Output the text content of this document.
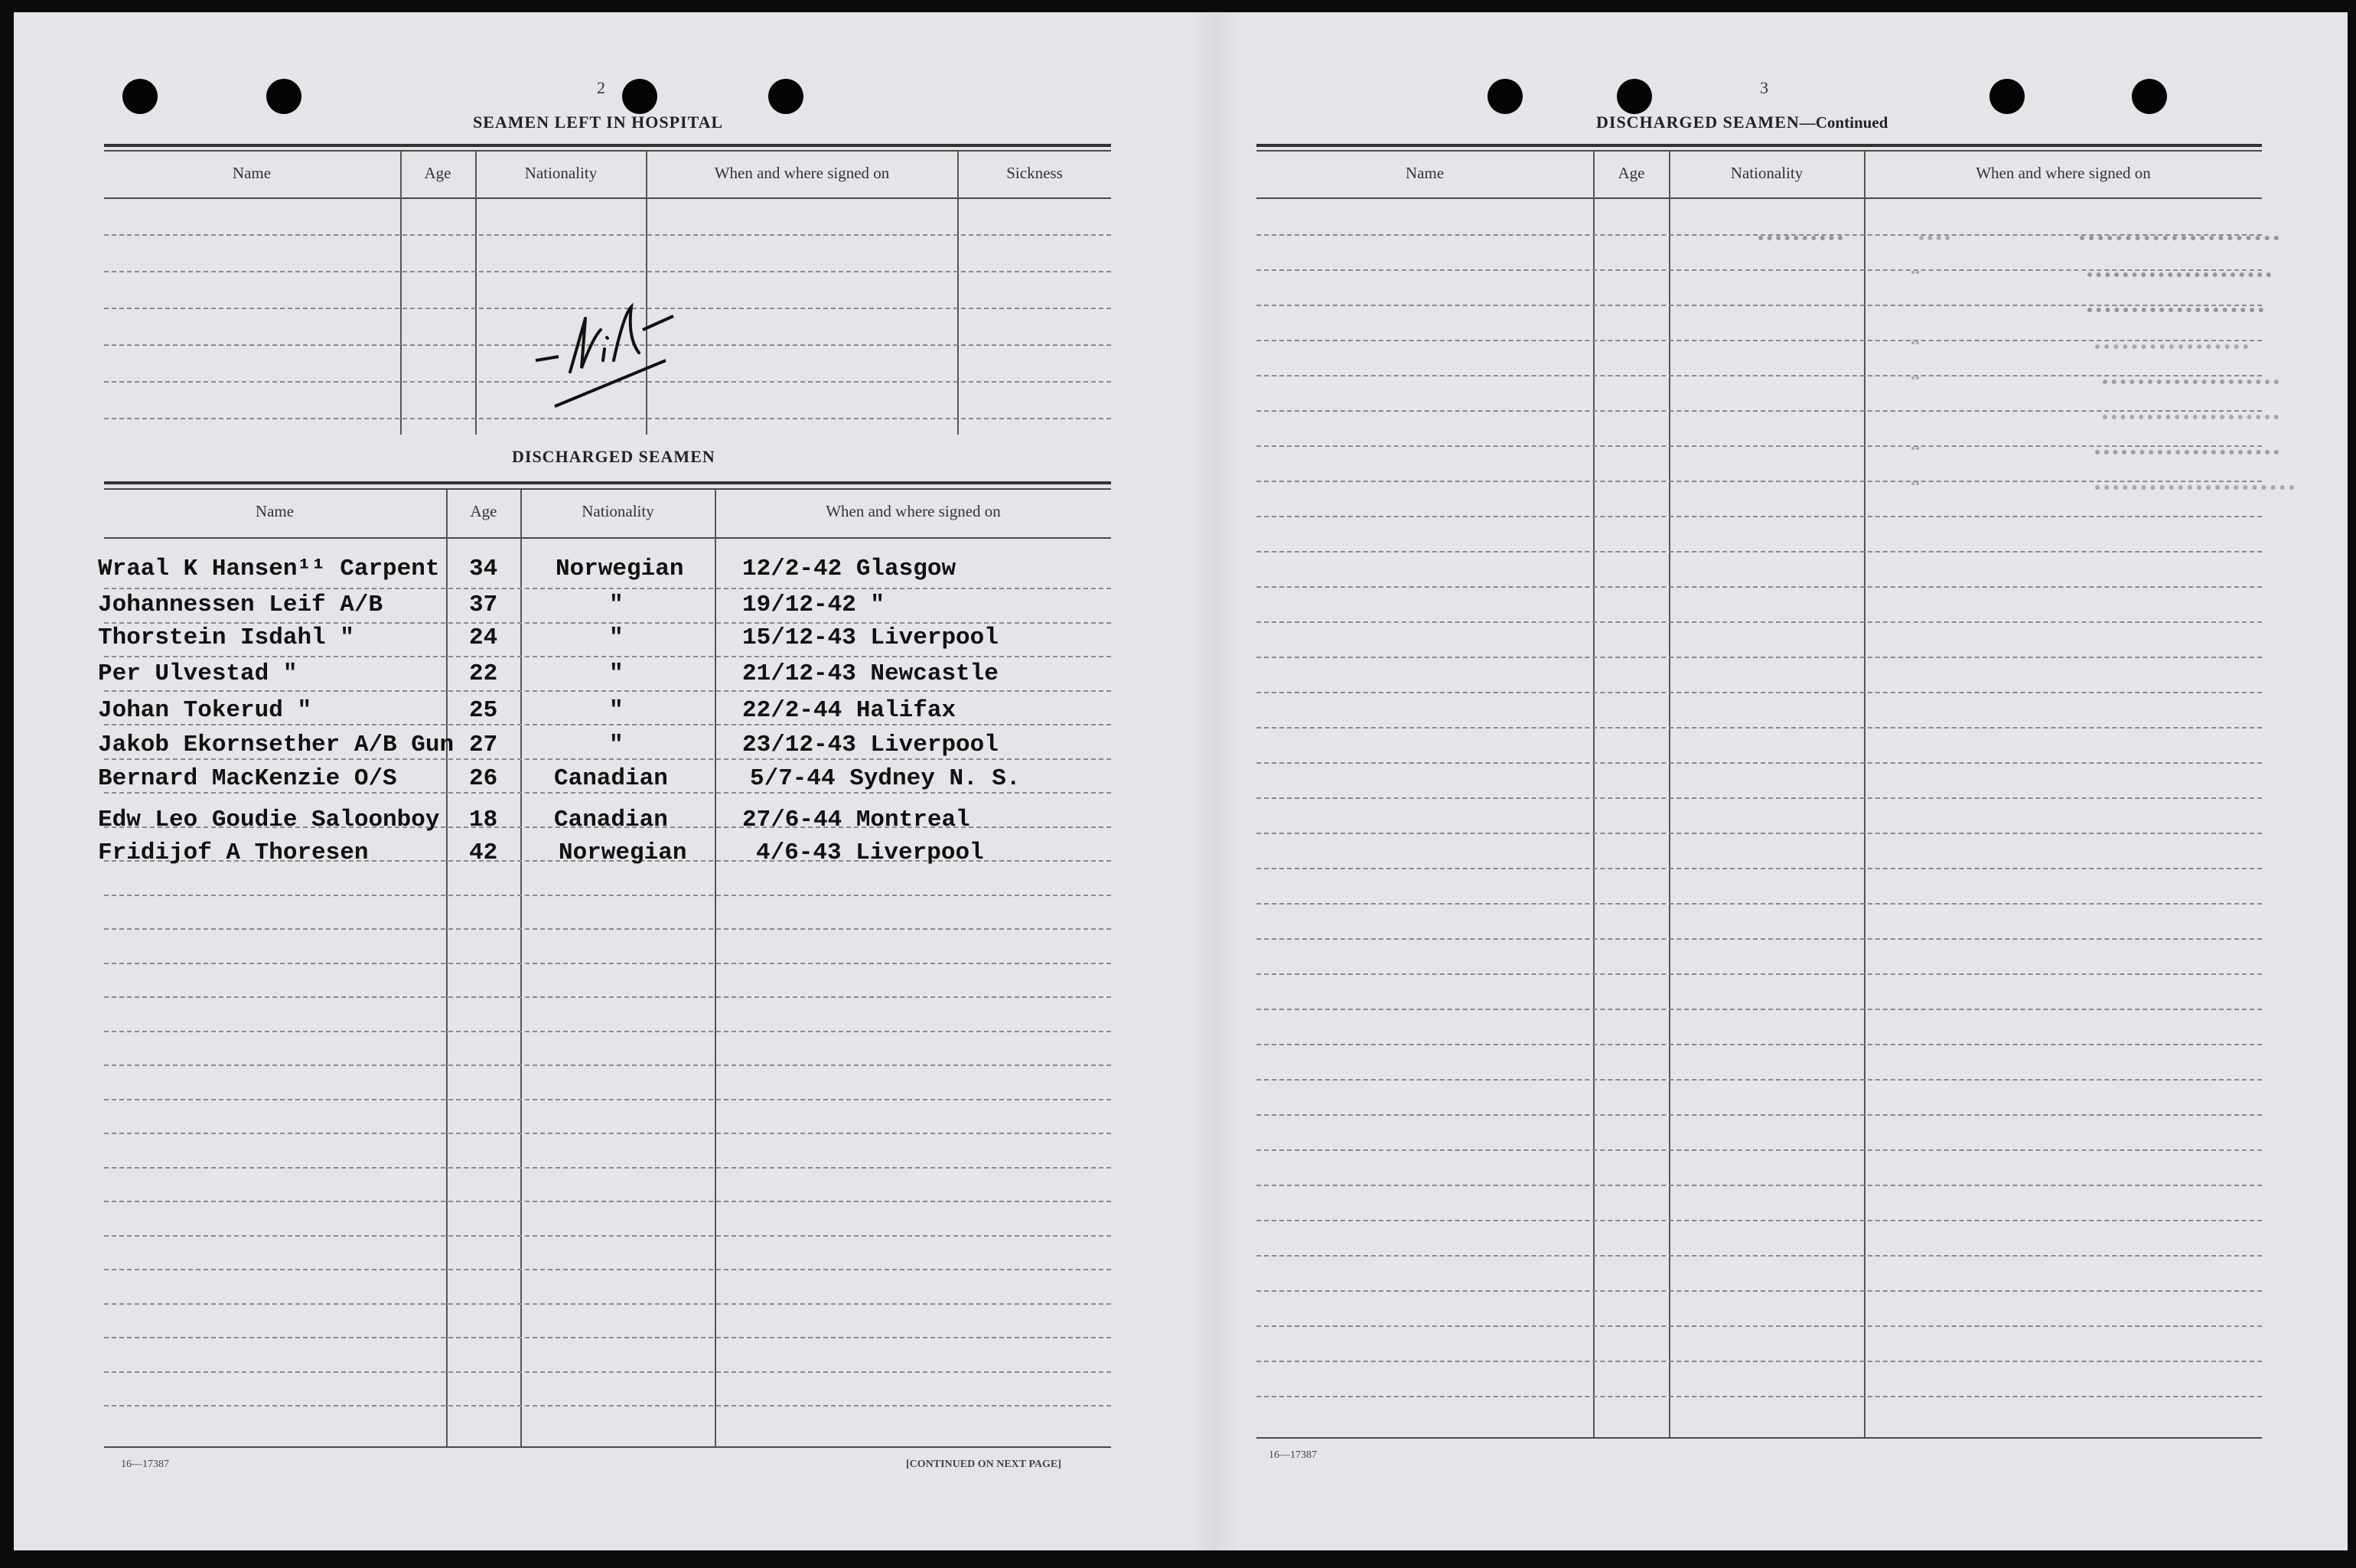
2
SEAMEN LEFT IN HOSPITAL
Name	Age	Nationality	When and where signed on	Sickness
DISCHARGED SEAMEN
Name	Age	Nationality	When and where signed on
Wraal K Hansen¹¹ Carpent 34 Norwegian 12/2-42 Glasgow
Johannessen Leif A/B	37	"	19/12-42 "
Thorstein Isdahl "	24	"	15/12-43 Liverpool
Per Ulvestad "	22	"	21/12-43 Newcastle
Johan Tokerud "	25	"	22/2-44 Halifax
Jakob Ekornsether A/B Gun 27	"	23/12-43 Liverpool
Bernard MacKenzie O/S	26 Canadian	5/7-44 Sydney N. S.
Edw Leo Goudie Saloonboy 18 Canadian	27/6-44 Montreal
Fridijof A Thoresen	42	Norwegian	4/6-43 Liverpool
16—17387	[CONTINUED ON NEXT PAGE]
3
DISCHARGED SEAMEN—Continued
Name	Age	Nationality	When and where signed on
16—17387
